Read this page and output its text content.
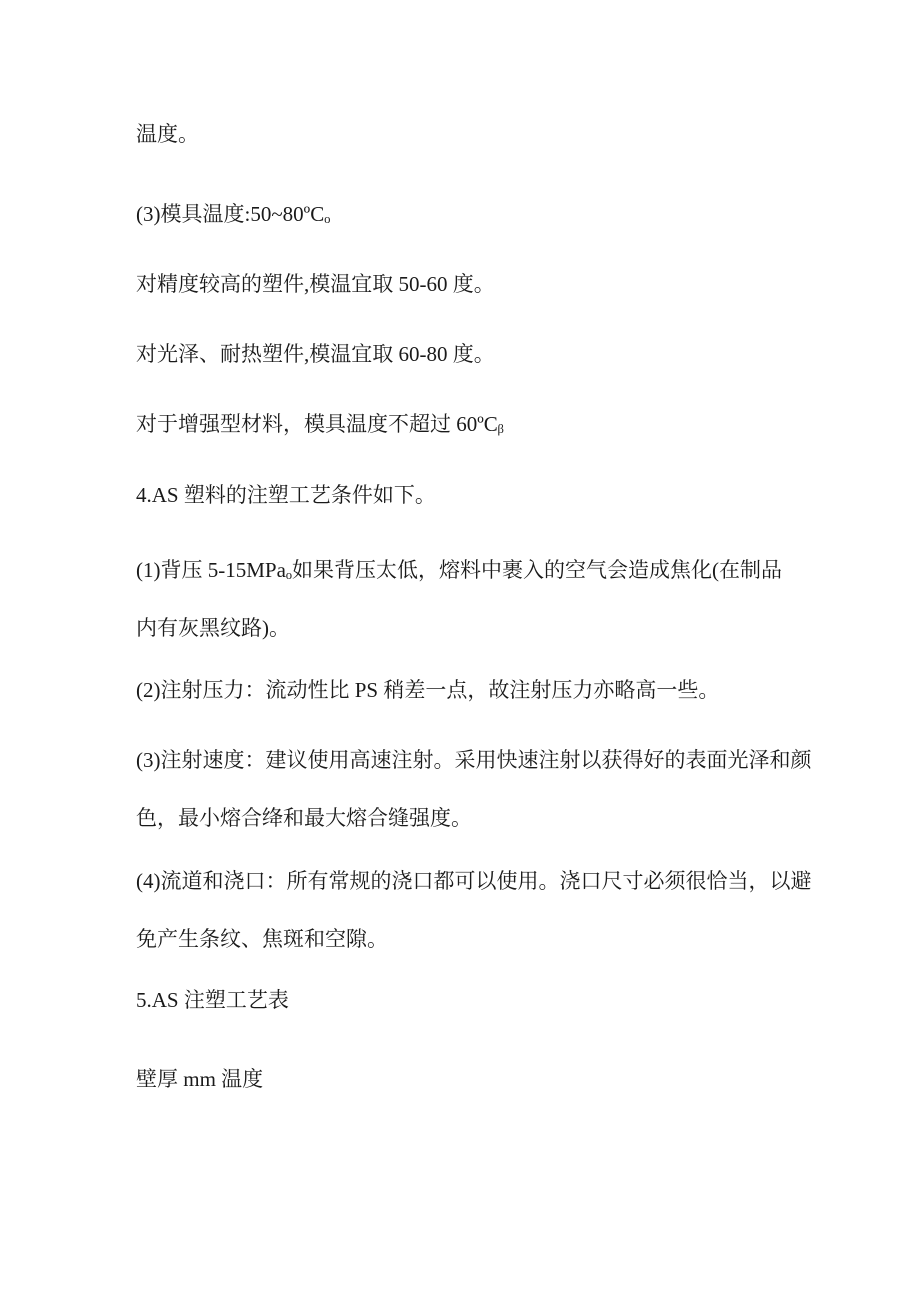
温度。

(3)模具温度:50~80ºCₒ

对精度较高的塑件,模温宜取 50-60 度。

对光泽、耐热塑件,模温宜取 60-80 度。

对于增强型材料，模具温度不超过 60ºCᵦ

4.AS 塑料的注塑工艺条件如下。

(1)背压 5-15MPaₒ如果背压太低，熔料中裹入的空气会造成焦化(在制品
内有灰黑纹路)。

(2)注射压力：流动性比 PS 稍差一点，故注射压力亦略高一些。

(3)注射速度：建议使用高速注射。采用快速注射以获得好的表面光泽和颜
色，最小熔合绛和最大熔合缝强度。

(4)流道和浇口：所有常规的浇口都可以使用。浇口尺寸必须很恰当，以避
免产生条纹、焦斑和空隙。

5.AS 注塑工艺表

壁厚 mm 温度
